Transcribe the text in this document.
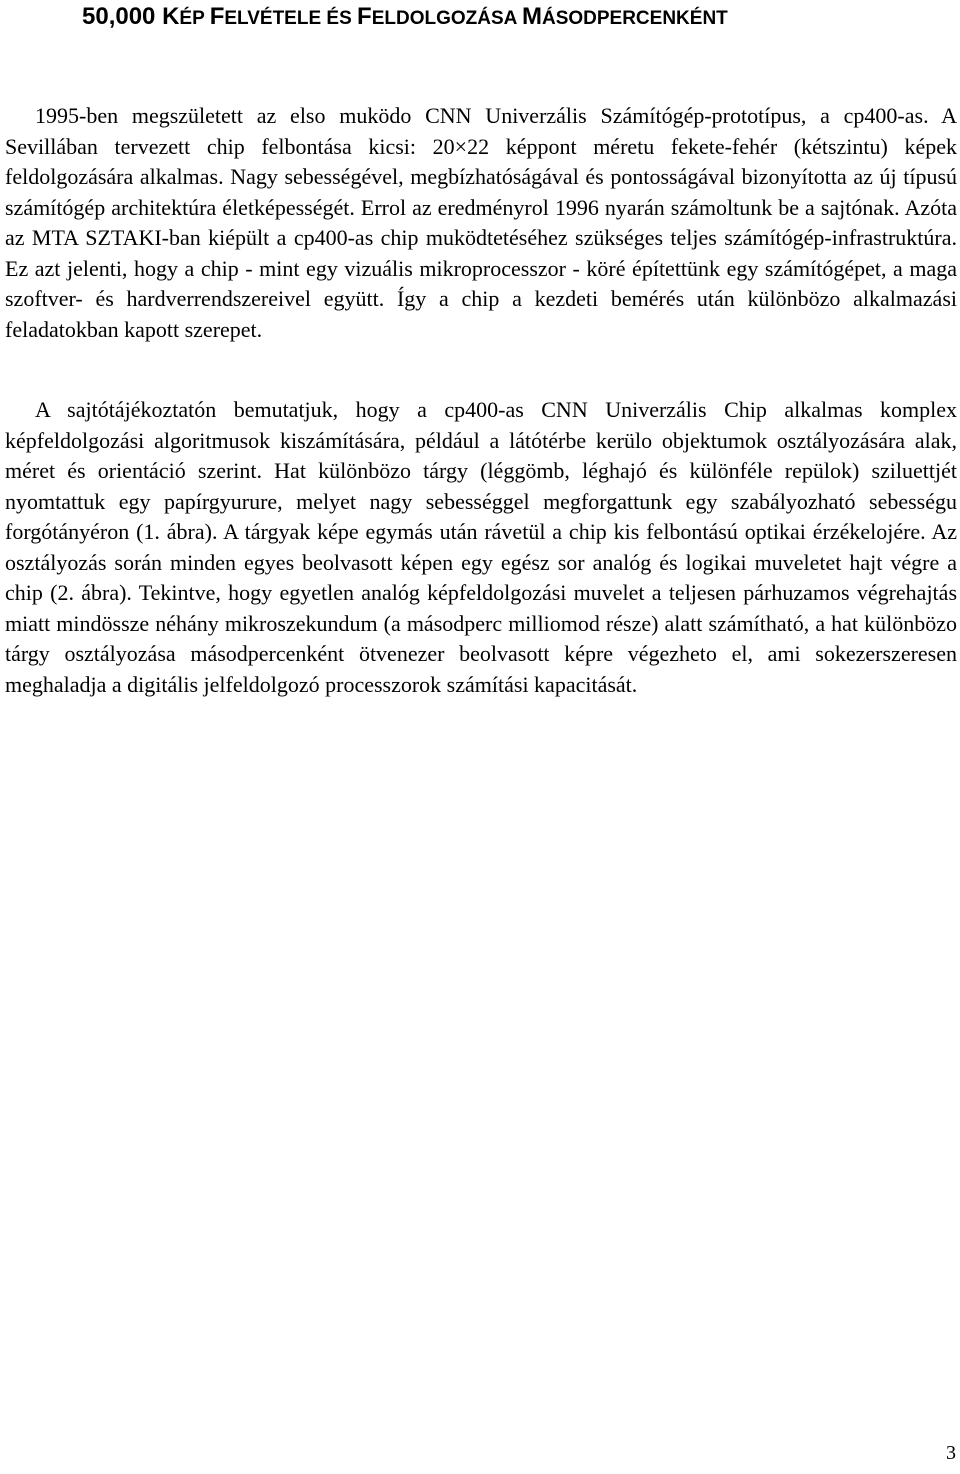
50,000 KÉP FELVÉTELE ÉS FELDOLGOZÁSA MÁSODPERCENKÉNT

1995-ben megszületett az elso muködo CNN Univerzális Számítógép-prototípus, a cp400-as. A Sevillában tervezett chip felbontása kicsi: 20×22 képpont méretu fekete-fehér (kétszintu) képek feldolgozására alkalmas. Nagy sebességével, megbízhatóságával és pontosságával bizonyította az új típusú számítógép architektúra életképességét. Errol az eredményrol 1996 nyarán számoltunk be a sajtónak. Azóta az MTA SZTAKI-ban kiépült a cp400-as chip muködtetéséhez szükséges teljes számítógép-infrastruktúra. Ez azt jelenti, hogy a chip - mint egy vizuális mikroprocesszor - köré építettünk egy számítógépet, a maga szoftver- és hardverrendszereivel együtt. Így a chip a kezdeti bemérés után különbözo alkalmazási feladatokban kapott szerepet.

A sajtótájékoztatón bemutatjuk, hogy a cp400-as CNN Univerzális Chip alkalmas komplex képfeldolgozási algoritmusok kiszámítására, például a látótérbe kerülo objektumok osztályozására alak, méret és orientáció szerint. Hat különbözo tárgy (léggömb, léghajó és különféle repülok) sziluettjét nyomtattuk egy papírgyurure, melyet nagy sebességgel megforgattunk egy szabályozható sebességu forgótányéron (1. ábra). A tárgyak képe egymás után rávetül a chip kis felbontású optikai érzékelojére. Az osztályozás során minden egyes beolvasott képen egy egész sor analóg és logikai muveletet hajt végre a chip (2. ábra). Tekintve, hogy egyetlen analóg képfeldolgozási muvelet a teljesen párhuzamos végrehajtás miatt mindössze néhány mikroszekundum (a másodperc milliomod része) alatt számítható, a hat különbözo tárgy osztályozása másodpercenként ötvenezer beolvasott képre végezheto el, ami sokezerszeresen meghaladja a digitális jelfeldolgozó processzorok számítási kapacitását.

3
